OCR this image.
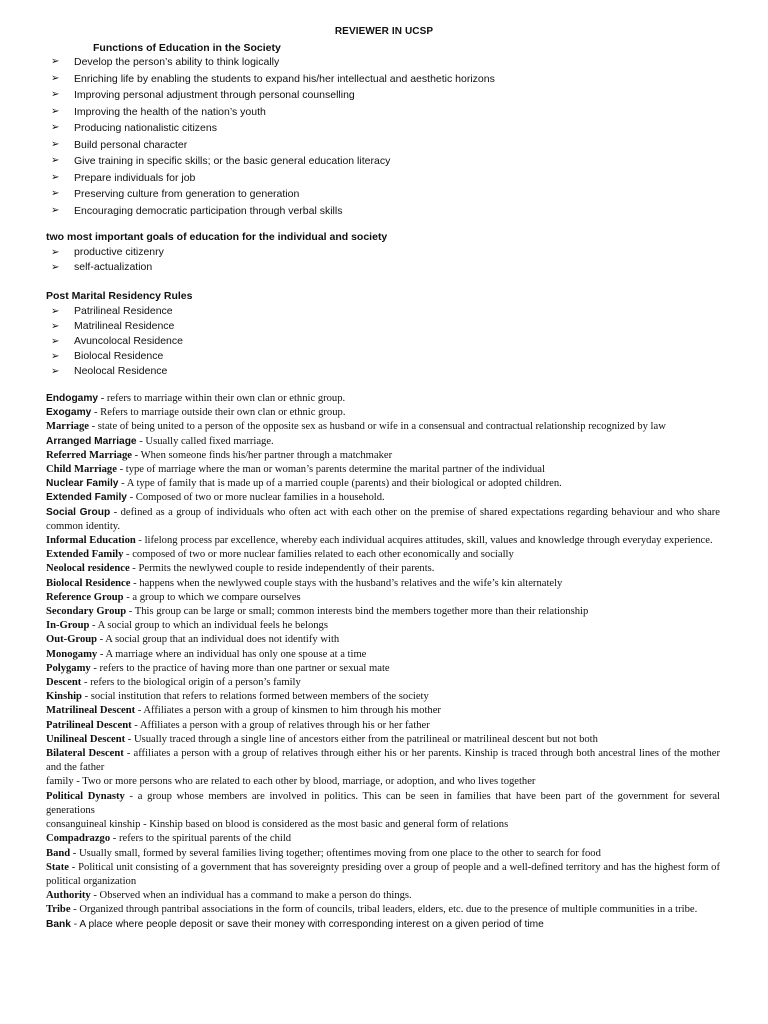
REVIEWER IN UCSP
Functions of Education in the Society
➢ Develop the person’s ability to think logically
➢ Enriching life by enabling the students to expand his/her intellectual and aesthetic horizons
➢ Improving personal adjustment through personal counselling
➢ Improving the health of the nation’s youth
➢ Producing nationalistic citizens
➢ Build personal character
➢ Give training in specific skills; or the basic general education literacy
➢ Prepare individuals for job
➢ Preserving culture from generation to generation
➢ Encouraging democratic participation through verbal skills
two most important goals of education for the individual and society
➢ productive citizenry
➢ self-actualization
Post Marital Residency Rules
➢ Patrilineal Residence
➢ Matrilineal Residence
➢ Avuncolocal Residence
➢ Biolocal Residence
➢ Neolocal Residence

Endogamy - refers to marriage within their own clan or ethnic group.

Exogamy - Refers to marriage outside their own clan or ethnic group.

Marriage - state of being united to a person of the opposite sex as husband or wife in a consensual and contractual relationship recognized by law

Arranged Marriage - Usually called fixed marriage.

Referred Marriage - When someone finds his/her partner through a matchmaker

Child Marriage - type of marriage where the man or woman’s parents determine the marital partner of the individual

Nuclear Family - A type of family that is made up of a married couple (parents) and their biological or adopted children.

Extended Family - Composed of two or more nuclear families in a household.

Social Group - defined as a group of individuals who often act with each other on the premise of shared expectations regarding behaviour and who share common identity.

Informal Education - lifelong process par excellence, whereby each individual acquires attitudes, skill, values and knowledge through everyday experience.

Extended Family - composed of two or more nuclear families related to each other economically and socially

Neolocal residence - Permits the newlywed couple to reside independently of their parents.

Biolocal Residence - happens when the newlywed couple stays with the husband’s relatives and the wife’s kin alternately

Reference Group - a group to which we compare ourselves

Secondary Group - This group can be large or small; common interests bind the members together more than their relationship

In-Group - A social group to which an individual feels he belongs

Out-Group - A social group that an individual does not identify with

Monogamy - A marriage where an individual has only one spouse at a time

Polygamy - refers to the practice of having more than one partner or sexual mate

Descent - refers to the biological origin of a person’s family

Kinship - social institution that refers to relations formed between members of the society

Matrilineal Descent - Affiliates a person with a group of kinsmen to him through his mother

Patrilineal Descent - Affiliates a person with a group of relatives through his or her father

Unilineal Descent - Usually traced through a single line of ancestors either from the patrilineal or matrilineal descent but not both

Bilateral Descent - affiliates a person with a group of relatives through either his or her parents. Kinship is traced through both ancestral lines of the mother and the father

family - Two or more persons who are related to each other by blood, marriage, or adoption, and who lives together

Political Dynasty - a group whose members are involved in politics. This can be seen in families that have been part of the government for several generations

consanguineal kinship - Kinship based on blood is considered as the most basic and general form of relations

Compadrazgo - refers to the spiritual parents of the child

Band - Usually small, formed by several families living together; oftentimes moving from one place to the other to search for food

State - Political unit consisting of a government that has sovereignty presiding over a group of people and a well-defined territory and has the highest form of political organization

Authority - Observed when an individual has a command to make a person do things.

Tribe - Organized through pantribal associations in the form of councils, tribal leaders, elders, etc. due to the presence of multiple communities in a tribe.

Bank - A place where people deposit or save their money with corresponding interest on a given period of time
